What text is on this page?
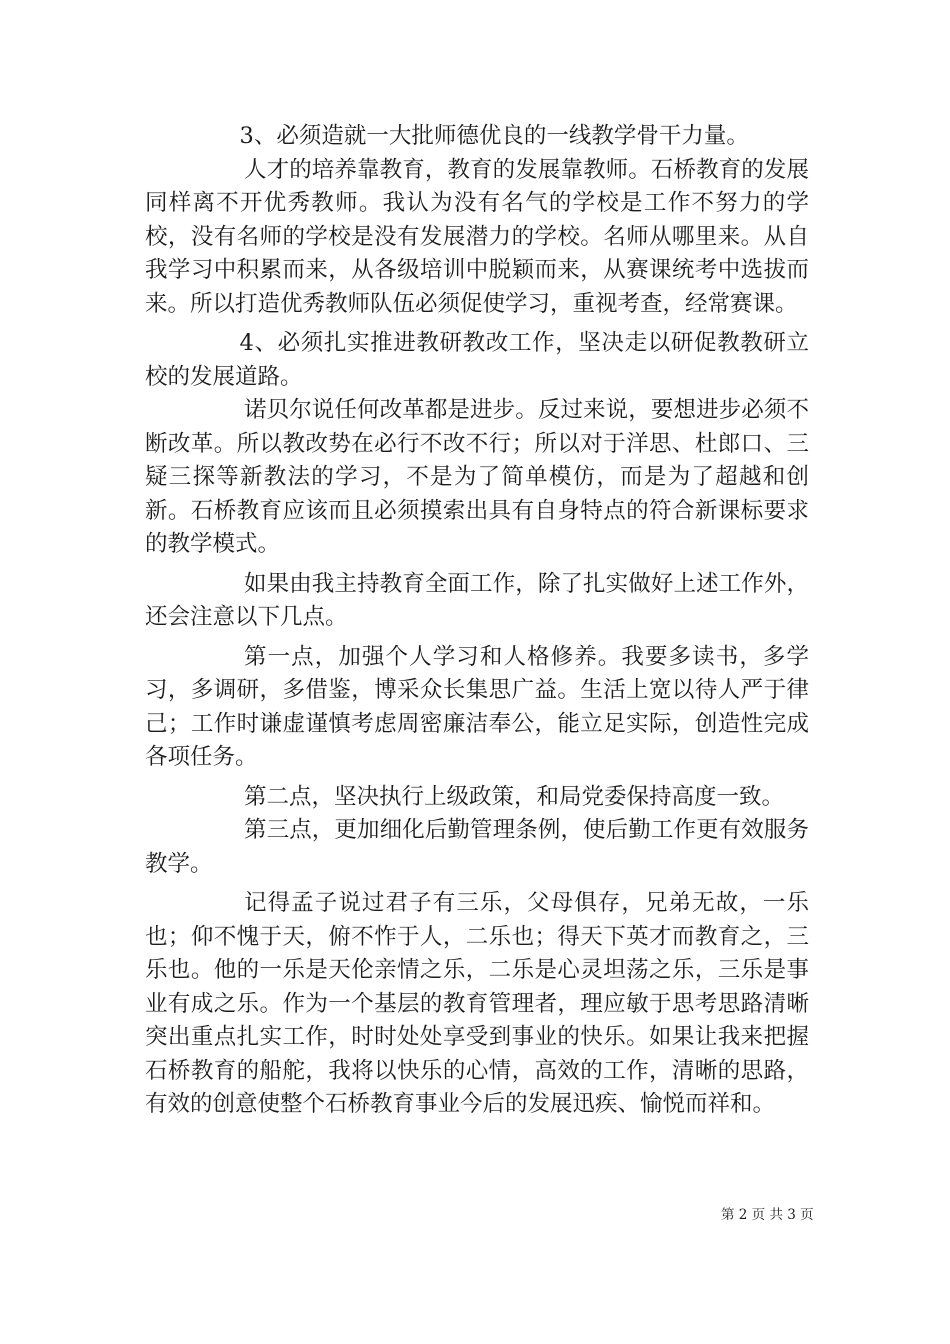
3、必须造就一大批师德优良的一线教学骨干力量。

人才的培养靠教育，教育的发展靠教师。石桥教育的发展同样离不开优秀教师。我认为没有名气的学校是工作不努力的学校，没有名师的学校是没有发展潜力的学校。名师从哪里来。从自我学习中积累而来，从各级培训中脱颖而来，从赛课统考中选拔而来。所以打造优秀教师队伍必须促使学习，重视考查，经常赛课。

4、必须扎实推进教研教改工作，坚决走以研促教教研立校的发展道路。

诺贝尔说任何改革都是进步。反过来说，要想进步必须不断改革。所以教改势在必行不改不行；所以对于洋思、杜郎口、三疑三探等新教法的学习，不是为了简单模仿，而是为了超越和创新。石桥教育应该而且必须摸索出具有自身特点的符合新课标要求的教学模式。

如果由我主持教育全面工作，除了扎实做好上述工作外，还会注意以下几点。

第一点，加强个人学习和人格修养。我要多读书，多学习，多调研，多借鉴，博采众长集思广益。生活上宽以待人严于律己；工作时谦虚谨慎考虑周密廉洁奉公，能立足实际，创造性完成各项任务。

第二点，坚决执行上级政策，和局党委保持高度一致。

第三点，更加细化后勤管理条例，使后勤工作更有效服务教学。

记得孟子说过君子有三乐，父母俱存，兄弟无故，一乐也；仰不愧于天，俯不怍于人，二乐也；得天下英才而教育之，三乐也。他的一乐是天伦亲情之乐，二乐是心灵坦荡之乐，三乐是事业有成之乐。作为一个基层的教育管理者，理应敏于思考思路清晰突出重点扎实工作，时时处处享受到事业的快乐。如果让我来把握石桥教育的船舵，我将以快乐的心情，高效的工作，清晰的思路，有效的创意使整个石桥教育事业今后的发展迅疾、愉悦而祥和。

第 2 页 共 3 页
